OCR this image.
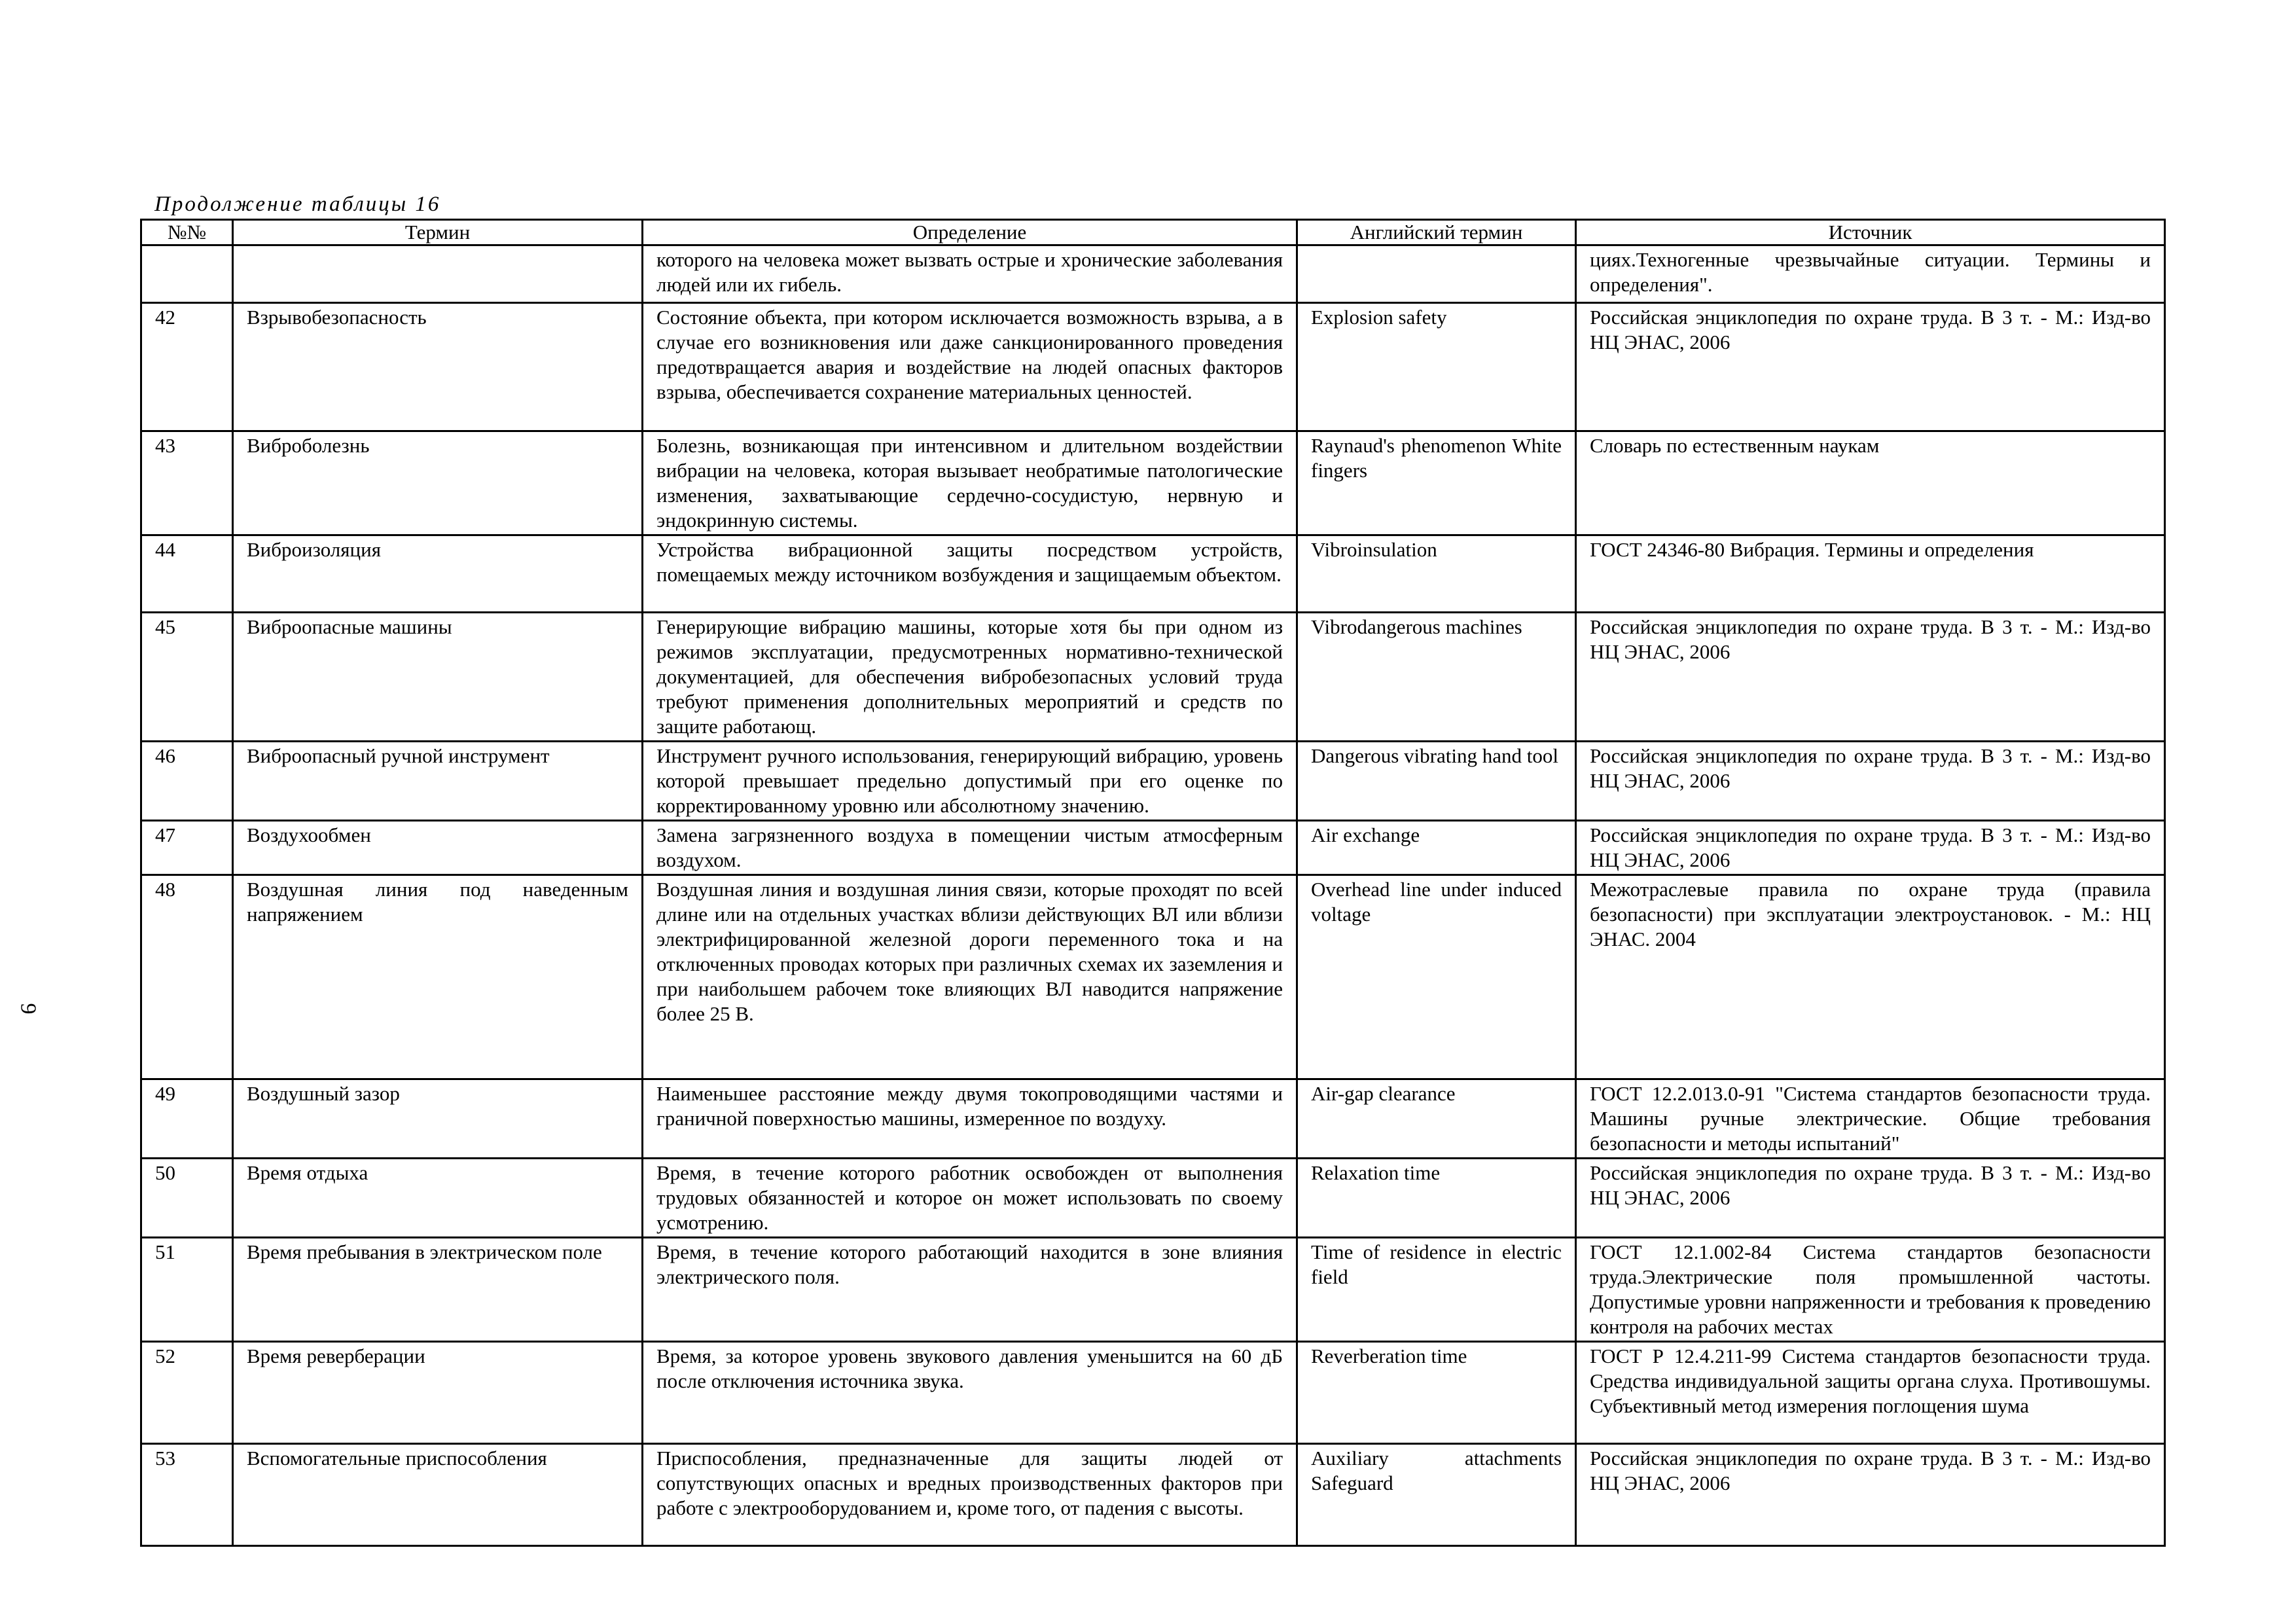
Продолжение таблицы 16
9
№№	Термин	Определение	Английский термин	Источник
		которого на человека может вызвать острые и хронические заболевания людей или их гибель.		циях.Техногенные чрезвычайные ситуации. Термины и определения".
42	Взрывобезопасность	Состояние объекта, при котором исключается возможность взрыва, а в случае его возникновения или даже санкционированного проведения предотвращается авария и воздействие на людей опасных факторов взрыва, обеспечивается сохранение материальных ценностей.	Explosion safety	Российская энциклопедия по охране труда. В 3 т. - М.: Изд-во НЦ ЭНАС, 2006
43	Виброболезнь	Болезнь, возникающая при интенсивном и длительном воздействии вибрации на человека, которая вызывает необратимые патологические изменения, захватывающие сердечно-сосудистую, нервную и эндокринную системы.	Raynaud's phenomenon White fingers	Словарь по естественным наукам
44	Виброизоляция	Устройства вибрационной защиты посредством устройств, помещаемых между источником возбуждения и защищаемым объектом.	Vibroinsulation	ГОСТ 24346-80 Вибрация. Термины и определения
45	Виброопасные машины	Генерирующие вибрацию машины, которые хотя бы при одном из режимов эксплуатации, предусмотренных нормативно-технической документацией, для обеспечения вибробезопасных условий труда требуют применения дополнительных мероприятий и средств по защите работающ.	Vibrodangerous machines	Российская энциклопедия по охране труда. В 3 т. - М.: Изд-во НЦ ЭНАС, 2006
46	Виброопасный ручной инструмент	Инструмент ручного использования, генерирующий вибрацию, уровень которой превышает предельно допустимый при его оценке по корректированному уровню или абсолютному значению.	Dangerous vibrating hand tool	Российская энциклопедия по охране труда. В 3 т. - М.: Изд-во НЦ ЭНАС, 2006
47	Воздухообмен	Замена загрязненного воздуха в помещении чистым атмосферным воздухом.	Air exchange	Российская энциклопедия по охране труда. В 3 т. - М.: Изд-во НЦ ЭНАС, 2006
48	Воздушная линия под наведенным напряжением	Воздушная линия и воздушная линия связи, которые проходят по всей длине или на отдельных участках вблизи действующих ВЛ или вблизи электрифицированной железной дороги переменного тока и на отключенных проводах которых при различных схемах их заземления и при наибольшем рабочем токе влияющих ВЛ наводится напряжение более 25 В.	Overhead line under induced voltage	Межотраслевые правила по охране труда (правила безопасности) при эксплуатации электроустановок. - М.: НЦ ЭНАС. 2004
49	Воздушный зазор	Наименьшее расстояние между двумя токопроводящими частями и граничной поверхностью машины, измеренное по воздуху.	Air-gap clearance	ГОСТ 12.2.013.0-91 "Система стандартов безопасности труда. Машины ручные электрические. Общие требования безопасности и методы испытаний"
50	Время отдыха	Время, в течение которого работник освобожден от выполнения трудовых обязанностей и которое он может использовать по своему усмотрению.	Relaxation time	Российская энциклопедия по охране труда. В 3 т. - М.: Изд-во НЦ ЭНАС, 2006
51	Время пребывания в электрическом поле	Время, в течение которого работающий находится в зоне влияния электрического поля.	Time of residence in electric field	ГОСТ 12.1.002-84 Система стандартов безопасности труда.Электрические поля промышленной частоты. Допустимые уровни напряженности и требования к проведению контроля на рабочих местах
52	Время реверберации	Время, за которое уровень звукового давления уменьшится на 60 дБ после отключения источника звука.	Reverberation time	ГОСТ Р 12.4.211-99 Система стандартов безопасности труда. Средства индивидуальной защиты органа слуха. Противошумы. Субъективный метод измерения поглощения шума
53	Вспомогательные приспособления	Приспособления, предназначенные для защиты людей от сопутствующих опасных и вредных производственных факторов при работе с электрооборудованием и, кроме того, от падения с высоты.	Auxiliary attachments Safeguard	Российская энциклопедия по охране труда. В 3 т. - М.: Изд-во НЦ ЭНАС, 2006
